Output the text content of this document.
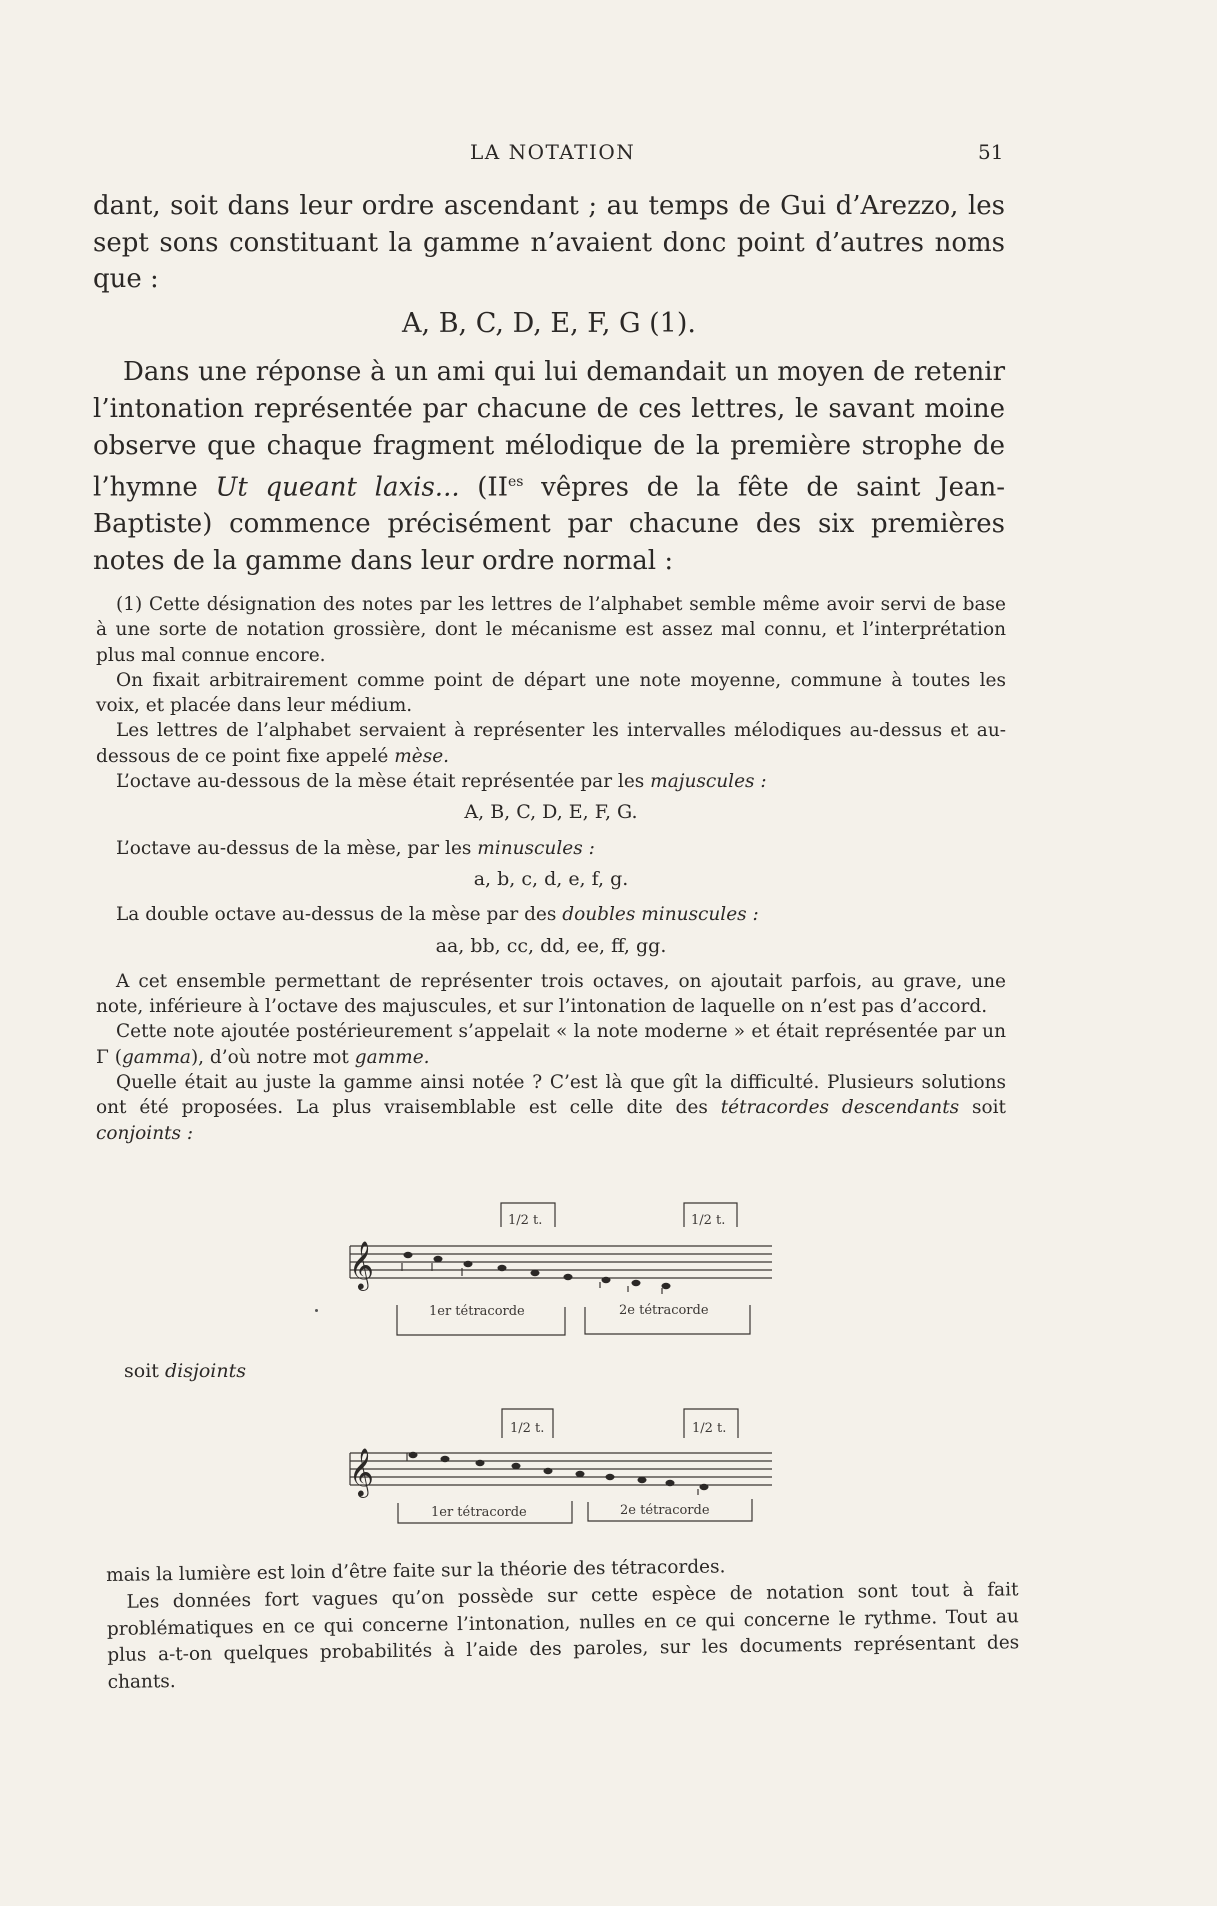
LA NOTATION	51

dant, soit dans leur ordre ascendant ; au temps de Gui d’Arezzo, les sept sons constituant la gamme n’avaient donc point d’autres noms que :

A, B, C, D, E, F, G (1).

Dans une réponse à un ami qui lui demandait un moyen de retenir l’intonation représentée par chacune de ces lettres, le savant moine observe que chaque fragment mélodique de la première strophe de l’hymne Ut queant laxis... ($II^{es}$ vêpres de la fête de saint Jean-Baptiste) commence précisément par chacune des six premières notes de la gamme dans leur ordre normal :

(1) Cette désignation des notes par les lettres de l’alphabet semble même avoir servi de base à une sorte de notation grossière, dont le mécanisme est assez mal connu, et l’interprétation plus mal connue encore.

On fixait arbitrairement comme point de départ une note moyenne, commune à toutes les voix, et placée dans leur médium.

Les lettres de l’alphabet servaient à représenter les intervalles mélodiques au-dessus et au-dessous de ce point fixe appelé mèse.

L’octave au-dessous de la mèse était représentée par les majuscules :

A, B, C, D, E, F, G.

L’octave au-dessus de la mèse, par les minuscules :

a, b, c, d, e, f, g.

La double octave au-dessus de la mèse par des doubles minuscules :

aa, bb, cc, dd, ee, ff, gg.

A cet ensemble permettant de représenter trois octaves, on ajoutait parfois, au grave, une note, inférieure à l’octave des majuscules, et sur l’intonation de laquelle on n’est pas d’accord.

Cette note ajoutée postérieurement s’appelait « la note moderne » et était représentée par un Γ (gamma), d’où notre mot gamme.

Quelle était au juste la gamme ainsi notée ? C’est là que gît la difficulté. Plusieurs solutions ont été proposées. La plus vraisemblable est celle dite des tétracordes descendants soit conjoints :

𝄞
1/2 t.	1/2 t.
1er tétracorde	2e tétracorde
soit disjoints
𝄞
1/2 t.	1/2 t.
1er tétracorde	2e tétracorde

mais la lumière est loin d’être faite sur la théorie des tétracordes.

Les données fort vagues qu’on possède sur cette espèce de notation sont tout à fait problématiques en ce qui concerne l’intonation, nulles en ce qui concerne le rythme. Tout au plus a-t-on quelques probabilités à l’aide des paroles, sur les documents représentant des chants.
